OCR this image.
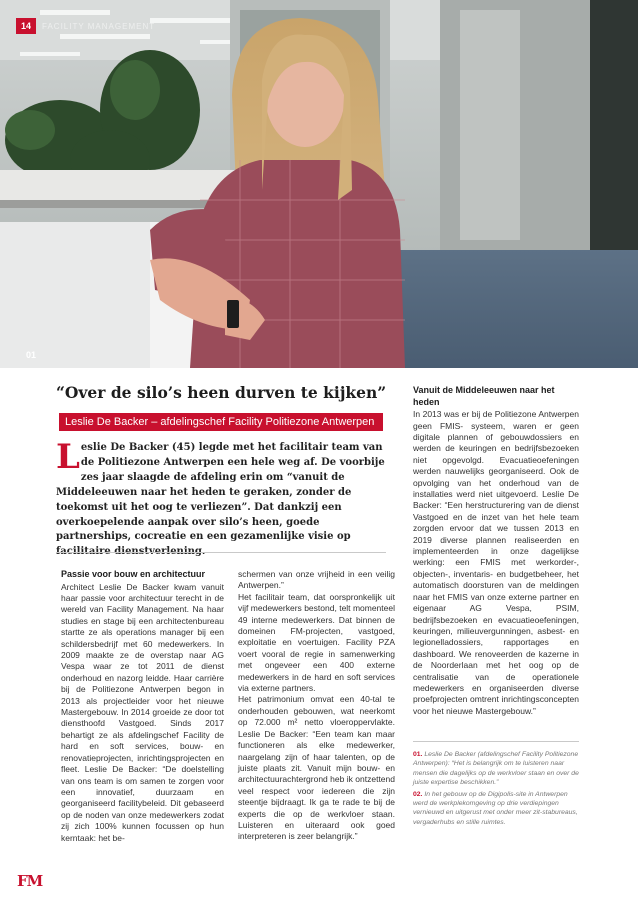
14	FACILITY MANAGEMENT
01
“Over de silo’s heen durven te kijken”
Leslie De Backer – afdelingschef Facility Politiezone Antwerpen
L eslie De Backer (45) legde met het facilitair team van de Politiezone Antwerpen een hele weg af. De voorbije zes jaar slaagde de afdeling erin om “vanuit de Middeleeuwen naar het heden te geraken, zonder de toekomst uit het oog te verliezen”. Dat dankzij een overkoepelende aanpak over silo’s heen, goede partnerships, cocreatie en een gezamenlijke visie op facilitaire dienstverlening.
Passie voor bouw en architectuur

Architect Leslie De Backer kwam vanuit haar passie voor architectuur terecht in de wereld van Facility Management. Na haar studies en stage bij een architectenbureau startte ze als operations manager bij een schildersbedrijf met 60 medewerkers. In 2009 maakte ze de overstap naar AG Vespa waar ze tot 2011 de dienst onderhoud en nazorg leidde. Haar carrière bij de Politiezone Antwerpen begon in 2013 als projectleider voor het nieuwe Mastergebouw. In 2014 groeide ze door tot diensthoofd Vastgoed. Sinds 2017 behartigt ze als afdelingschef Facility de hard en soft services, bouw- en renovatieprojecten, inrichtingsprojecten en fleet. Leslie De Backer: “De doelstelling van ons team is om samen te zorgen voor een innovatief, duurzaam en georganiseerd facilitybeleid. Dit gebaseerd op de noden van onze medewerkers zodat zij zich 100% kunnen focussen op hun kerntaak: het be-

schermen van onze vrijheid in een veilig Antwerpen.”

Het facilitair team, dat oorspronkelijk uit vijf medewerkers bestond, telt momenteel 49 interne medewerkers. Dat binnen de domeinen FM-projecten, vastgoed, exploitatie en voertuigen. Facility PZA voert vooral de regie in samenwerking met ongeveer een 400 externe medewerkers in de hard en soft services via externe partners.

Het patrimonium omvat een 40-tal te onderhouden gebouwen, wat neerkomt op 72.000 m² netto vloeroppervlakte. Leslie De Backer: “Een team kan maar functioneren als elke medewerker, naargelang zijn of haar talenten, op de juiste plaats zit. Vanuit mijn bouw- en architectuurachtergrond heb ik ontzettend veel respect voor iedereen die zijn steentje bijdraagt. Ik ga te rade te bij de experts die op de werkvloer staan. Luisteren en uiteraard ook goed interpreteren is zeer belangrijk.”

Vanuit de Middeleeuwen naar het heden

In 2013 was er bij de Politiezone Antwerpen geen FMIS- systeem, waren er geen digitale plannen of gebouwdossiers en werden de keuringen en bedrijfsbezoeken niet opgevolgd. Evacuatieoefeningen werden nauwelijks georganiseerd. Ook de opvolging van het onderhoud van de installaties werd niet uitgevoerd. Leslie De Backer: “Een herstructurering van de dienst Vastgoed en de inzet van het hele team zorgden ervoor dat we tussen 2013 en 2019 diverse plannen realiseerden en implementeerden in onze dagelijkse werking: een FMIS met werkorder-, objecten-, inventaris- en budgetbeheer, het automatisch doorsturen van de meldingen naar het FMIS van onze externe partner en eigenaar AG Vespa, PSIM, bedrijfsbezoeken en evacuatieoefeningen, keuringen, milieuvergunningen, asbest- en legionelladossiers, rapportages en dashboard. We renoveerden de kazerne in de Noorderlaan met het oog op de centralisatie van de operationele medewerkers en organiseerden diverse proefprojecten omtrent inrichtingsconcepten voor het nieuwe Mastergebouw.”

01. Leslie De Backer (afdelingschef Facility Politiezone Antwerpen): “Het is belangrijk om te luisteren naar mensen die dagelijks op de werkvloer staan en over de juiste expertise beschikken.”
02. In het gebouw op de Digipolis-site in Antwerpen werd de werkplekomgeving op drie verdiepingen vernieuwd en uitgerust met onder meer zit-stabureaus, vergaderhubs en stille ruimtes.
FM
